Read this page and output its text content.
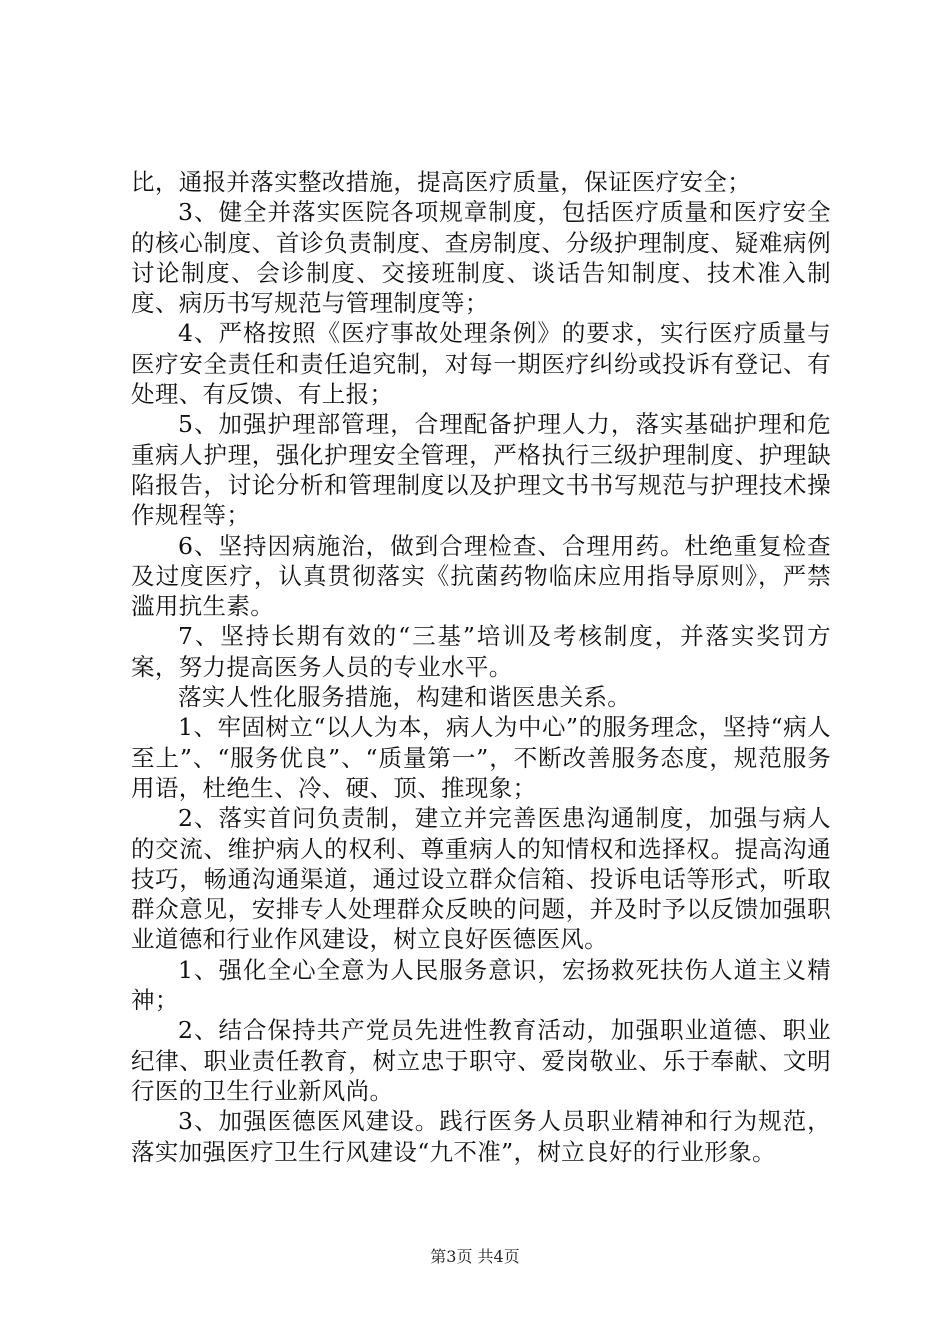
比，通报并落实整改措施，提高医疗质量，保证医疗安全；

3、健全并落实医院各项规章制度，包括医疗质量和医疗安全的核心制度、首诊负责制度、查房制度、分级护理制度、疑难病例讨论制度、会诊制度、交接班制度、谈话告知制度、技术准入制度、病历书写规范与管理制度等；

4、严格按照《医疗事故处理条例》的要求，实行医疗质量与医疗安全责任和责任追究制，对每一期医疗纠纷或投诉有登记、有处理、有反馈、有上报；

5、加强护理部管理，合理配备护理人力，落实基础护理和危重病人护理，强化护理安全管理，严格执行三级护理制度、护理缺陷报告，讨论分析和管理制度以及护理文书书写规范与护理技术操作规程等；

6、坚持因病施治，做到合理检查、合理用药。杜绝重复检查及过度医疗，认真贯彻落实《抗菌药物临床应用指导原则》，严禁滥用抗生素。

7、坚持长期有效的“三基”培训及考核制度，并落实奖罚方案，努力提高医务人员的专业水平。

落实人性化服务措施，构建和谐医患关系。

1、牢固树立“以人为本，病人为中心”的服务理念，坚持“病人至上”、“服务优良”、“质量第一”，不断改善服务态度，规范服务用语，杜绝生、冷、硬、顶、推现象；

2、落实首问负责制，建立并完善医患沟通制度，加强与病人的交流、维护病人的权利、尊重病人的知情权和选择权。提高沟通技巧，畅通沟通渠道，通过设立群众信箱、投诉电话等形式，听取群众意见，安排专人处理群众反映的问题，并及时予以反馈加强职业道德和行业作风建设，树立良好医德医风。

1、强化全心全意为人民服务意识，宏扬救死扶伤人道主义精神；

2、结合保持共产党员先进性教育活动，加强职业道德、职业纪律、职业责任教育，树立忠于职守、爱岗敬业、乐于奉献、文明行医的卫生行业新风尚。

3、加强医德医风建设。践行医务人员职业精神和行为规范，落实加强医疗卫生行风建设“九不准”，树立良好的行业形象。

第3页 共4页
